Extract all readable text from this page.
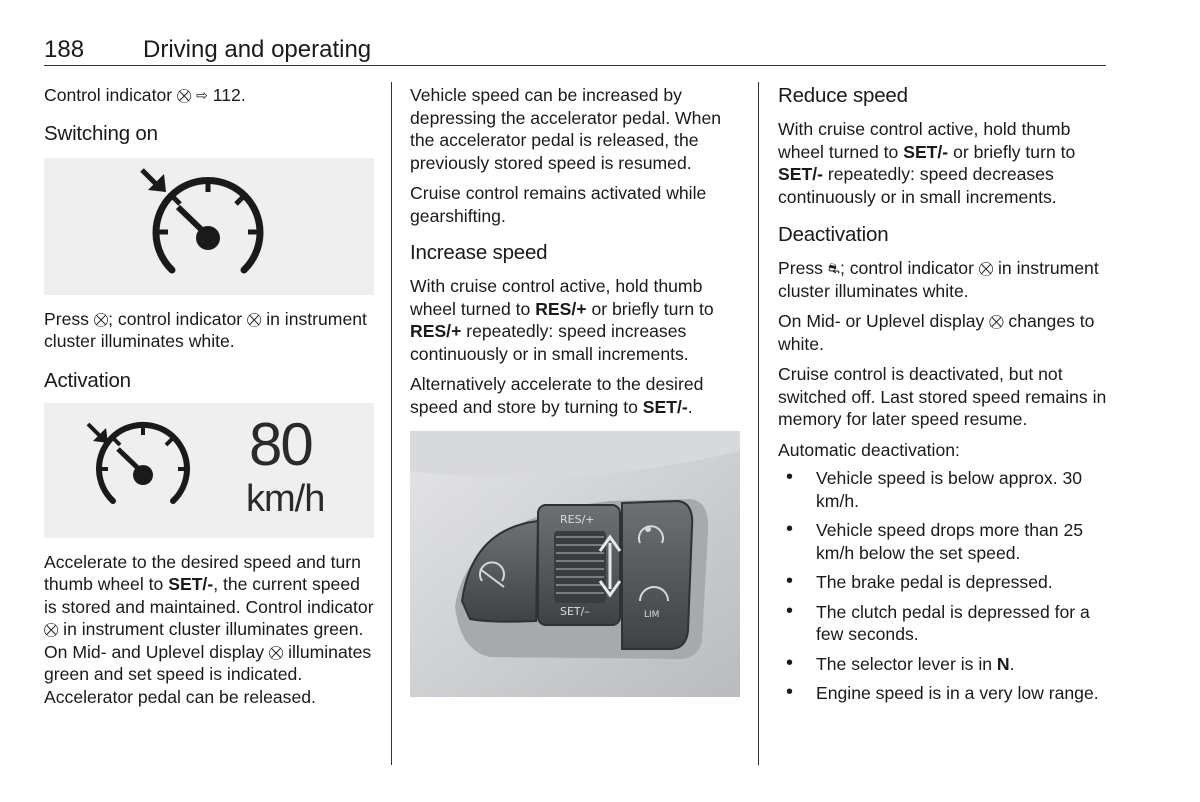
188 Driving and operating

Control indicator ⛒ ⇨ 112.

Switching on

Press ⛒; control indicator ⛒ in instrument cluster illuminates white.

Activation
80
km/h

Accelerate to the desired speed and turn thumb wheel to SET/-, the current speed is stored and maintained. Control indicator ⛒ in instrument cluster illuminates green. On Mid- and Uplevel display ⛒ illuminates green and set speed is indicated. Accelerator pedal can be released.

Vehicle speed can be increased by depressing the accelerator pedal. When the accelerator pedal is released, the previously stored speed is resumed.

Cruise control remains activated while gearshifting.

Increase speed

With cruise control active, hold thumb wheel turned to RES/+ or briefly turn to RES/+ repeatedly: speed increases continuously or in small increments.

Alternatively accelerate to the desired speed and store by turning to SET/-.

RES/+
SET/–	LIM
Reduce speed

With cruise control active, hold thumb wheel turned to SET/- or briefly turn to SET/- repeatedly: speed decreases continuously or in small increments.

Deactivation

Press ⛐; control indicator ⛒ in instrument cluster illuminates white.

On Mid- or Uplevel display ⛒ changes to white.

Cruise control is deactivated, but not switched off. Last stored speed remains in memory for later speed resume.

Automatic deactivation:

• Vehicle speed is below approx. 30 km/h.
• Vehicle speed drops more than 25 km/h below the set speed.
• The brake pedal is depressed.
• The clutch pedal is depressed for a few seconds.
• The selector lever is in N.
• Engine speed is in a very low range.
